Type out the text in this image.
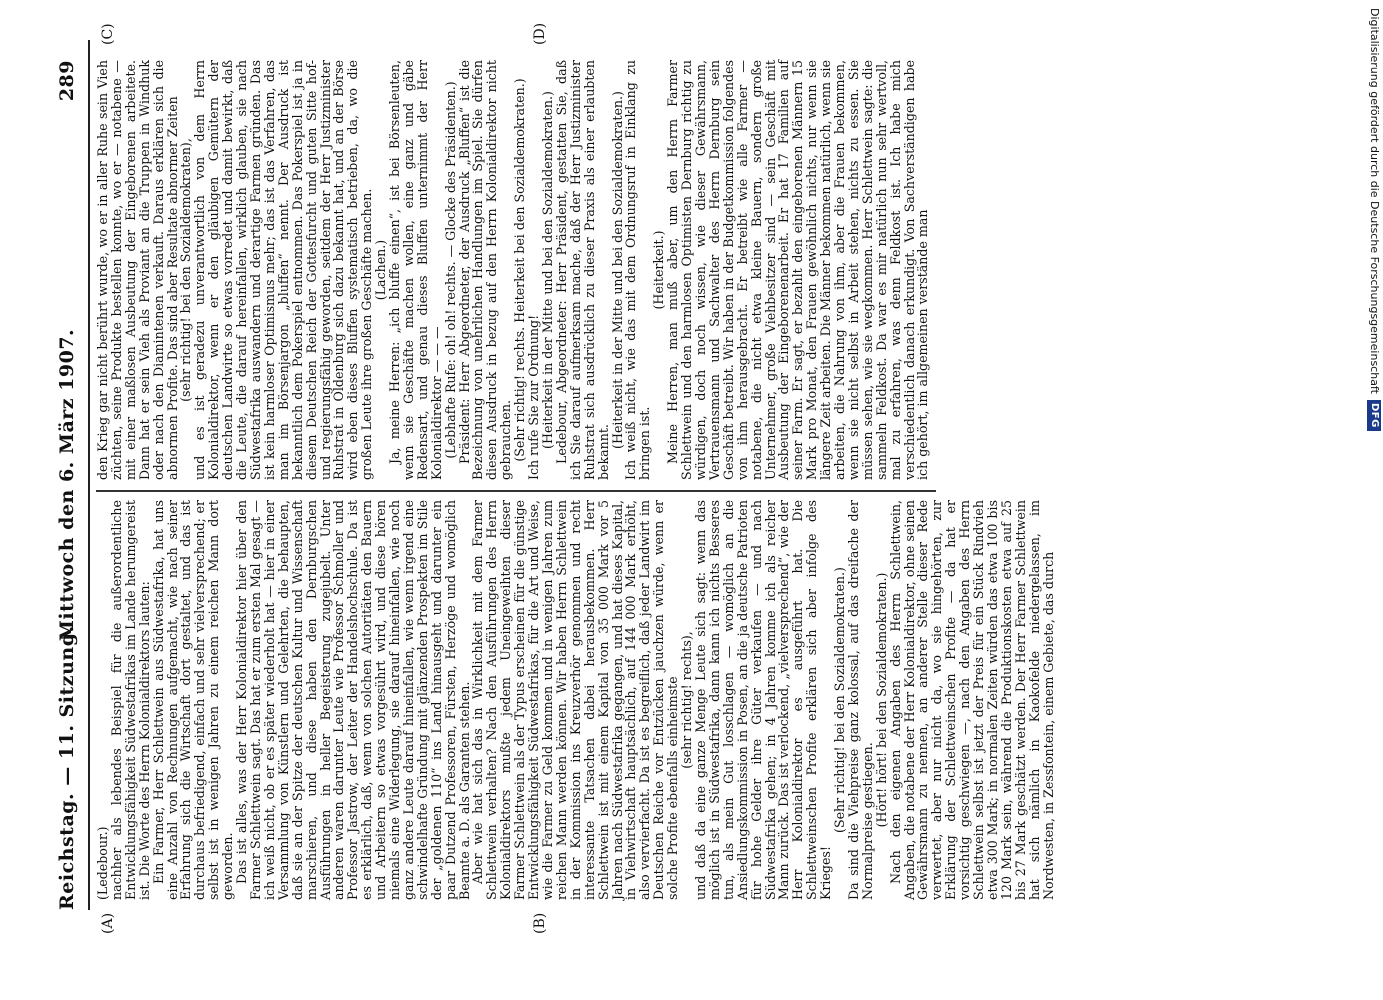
Reichstag. — 11. Sitzung.
Mittwoch den 6. März 1907.
289
(A)	(B)
(C)	(D)

(Ledebour.)

nachher als lebendes Beispiel für die außerordentliche Entwicklungsfähigkeit Südwestafrikas im Lande herumgereist ist. Die Worte des Herrn Kolonialdirektors lauten:

Ein Farmer, Herr Schlettwein aus Südwestafrika, hat uns eine Anzahl von Rechnungen aufgemacht, wie nach seiner Erfahrung sich die Wirtschaft dort gestaltet, und das ist durchaus befriedigend, einfach und sehr vielversprechend; er selbst ist in wenigen Jahren zu einem reichen Mann dort geworden.

Das ist alles, was der Herr Kolonialdirektor hier über den Farmer Schlettwein sagt. Das hat er zum ersten Mal gesagt — ich weiß nicht, ob er es später wiederholt hat — hier in einer Versammlung von Künstlern und Gelehrten, die behaupten, daß sie an der Spitze der deutschen Kultur und Wissenschaft marschieren, und diese haben den Dernburgschen Ausführungen in heller Begeisterung zugejubelt. Unter anderen waren darunter Leute wie Professor Schmoller und Professor Jastrow, der Leiter der Handelshochschule. Da ist es erklärlich, daß, wenn von solchen Autoritäten den Bauern und Arbeitern so etwas vorgesührt wird, und diese hören niemals eine Widerlegung, sie darauf hineinfallen, wie noch ganz andere Leute darauf hineinfallen, wie wenn irgend eine schwindelhafte Gründung mit glänzenden Prospekten im Stile der „goldenen 110“ ins Land hinausgeht und darunter ein paar Dutzend Professoren, Fürsten, Herzöge und womöglich Beamte a. D. als Garanten stehen.

Aber wie hat sich das in Wirklichkeit mit dem Farmer Schlettwein verhalten? Nach den Ausführungen des Herrn Kolonialdirektors mußte jedem Uneingeweihten dieser Farmer Schlettwein als der Typus erscheinen für die günstige Entwicklungsfähigkeit Südwestafrikas, für die Art und Weise, wie die Farmer zu Geld kommen und in wenigen Jahren zum reichen Mann werden können. Wir haben Herrn Schlettwein in der Kommission ins Kreuzverhör genommen und recht interessante Tatsachen dabei herausbekommen. Herr Schlettwein ist mit einem Kapital von 35 000 Mark vor 5 Jahren nach Südwestafrika gegangen, und hat dieses Kapital, in Viehwirtschaft hauptsächlich, auf 144 000 Mark erhöht, also vervierfacht. Da ist es begreiflich, daß jeder Landwirt im Deutschen Reiche vor Entzücken jauchzen würde, wenn er solche Profite ebenfalls einheimste

(sehr richtig! rechts),

und daß da eine ganze Menge Leute sich sagt: wenn das möglich ist in Südwestafrika, dann kann ich nichts Besseres tun, als mein Gut losschlagen — womöglich an die Ansiedlungskommission in Posen, an die ja deutsche Patrioten für hohe Gelder ihre Güter verkaufen — und nach Südwestafrika gehen; in 4 Jahren komme ich als reicher Mann zurück. Das ist verlockend, „vielversprechend“, wie der Herr Kolonialdirektor es ausgeführt hat. Die Schlettweinschen Profite erklären sich aber infolge des Krieges!

(Sehr richtig! bei den Sozialdemokraten.)

Da sind die Viehpreise ganz kolossal, auf das dreifache der Normalpreise gestiegen.

(Hört! hört! bei den Sozialdemokraten.)

Nach den eigenen Angaben des Herrn Schlettwein, Angaben, die notabene der Herr Kolonialdirektor, ohne seinen Gewährsmann zu nennen, an anderer Stelle dieser Rede verwertet, aber nur nicht da, wo sie hingehörten, zur Erklärung der Schlettweinschen Profite — da hat er vorsichtig geschwiegen —, nach den Angaben des Herrn Schlettwein selbst ist jetzt der Preis für ein Stück Rindvieh etwa 300 Mark; in normalen Zeiten würden das etwa 100 bis 120 Mark sein, während die Produktionskosten etwa auf 25 bis 27 Mark geschätzt werden. Der Herr Farmer Schlettwein hat sich nämlich in Kaokofelde niedergelassen, im Nordwesten, in Zessfontein, einem Gebiete, das durch

den Krieg gar nicht berührt wurde, wo er in aller Ruhe sein Vieh züchten, seine Produkte bestellen konnte, wo er — notabene — mit einer maßlosen Ausbeutung der Eingeborenen arbeitete. Dann hat er sein Vieh als Proviant an die Truppen in Windhuk oder nach den Diamintenen verkauft. Daraus erklären sich die abnormen Profite. Das sind aber Resultate abnormer Zeiten

(sehr richtig! bei den Sozialdemokraten),

und es ist geradezu unverantwortlich von dem Herrn Kolonialdirektor, wenn er den gläubigen Gemütern der deutschen Landwirte so etwas vorredet und damit bewirkt, daß die Leute, die darauf hereinfallen, wirklich glauben, sie nach Südwestafrika auswandern und derartige Farmen gründen. Das ist kein harmloser Optimismus mehr; das ist das Verfahren, das man im Börsenjargon „bluffen“ nennt. Der Ausdruck ist bekanntlich dem Pokerspiel entnommen. Das Pokerspiel ist ja in diesem Deutschen Reich der Gottesfurcht und guten Sitte hof- und regierungsfähig geworden, seitdem der Herr Justizminister Ruhstrat in Oldenburg sich dazu bekannt hat, und an der Börse wird eben dieses Bluffen systematisch betrieben, da, wo die großen Leute ihre großen Geschäfte machen.

(Lachen.)

Ja, meine Herren: „ich bluffe einen“, ist bei Börsenleuten, wenn sie Geschäfte machen wollen, eine ganz und gäbe Redensart, und genau dieses Bluffen unternimmt der Herr Kolonialdirektor — — —

(Lebhafte Rufe: oh! oh! rechts. — Glocke des Präsidenten.)

Präsident: Herr Abgeordneter, der Ausdruck „Bluffen“ ist die Bezeichnung von unehrlichen Handlungen im Spiel. Sie dürfen diesen Ausdruck in bezug auf den Herrn Kolonialdirektor nicht gebrauchen.

(Sehr richtig! rechts. Heiterkeit bei den Sozialdemokraten.)

Ich rufe Sie zur Ordnung!

(Heiterkeit in der Mitte und bei den Sozialdemokraten.)

Ledebour, Abgeordneter: Herr Präsident, gestatten Sie, daß ich Sie darauf aufmerksam mache, daß der Herr Justizminister Ruhstrat sich ausdrücklich zu dieser Praxis als einer erlaubten bekannt.

(Heiterkeit in der Mitte und bei den Sozialdemokraten.)

Ich weiß nicht, wie das mit dem Ordnungsruf in Einklang zu bringen ist.

(Heiterkeit.)

Meine Herren, man muß aber, um den Herrn Farmer Schlettwein und den harmlosen Optimisten Dernburg richtig zu würdigen, doch noch wissen, wie dieser Gewährsmann, Vertrauensmann und Sachwalter des Herrn Dernburg sein Geschäft betreibt. Wir haben in der Budgetkommission folgendes von ihm herausgebracht. Er betreibt wie alle Farmer — notabene, die nicht etwa kleine Bauern, sondern große Unternehmer, große Viehbesitzer sind — sein Geschäft mit Ausbeutung der Eingeborenenarbeit. Er hat 17 Familien auf seiner Farm. Er sagt, er bezahlt den eingeborenen Männern 15 Mark pro Monat, den Frauen gewöhnlich nichts, nur wenn sie längere Zeit arbeiten. Die Männer bekommen natürlich, wenn sie arbeiten, die Nahrung von ihm, aber die Frauen bekommen, wenn sie nicht selbst in Arbeit stehen, nichts zu essen. Sie müssen sehen, wie sie wegkommen. Herr Schlettwein sagte: die sammeln Feldkost. Da war es mir natürlich nun sehr wertvoll, mal zu erfahren, was denn Feldkost ist. Ich habe mich verschiedentlich danach erkundigt. Von Sachverständigen habe ich gehört, im allgemeinen verstände man	Digitalisierung gefördert durch die Deutsche Forschungsgemeinschaft
DFG
